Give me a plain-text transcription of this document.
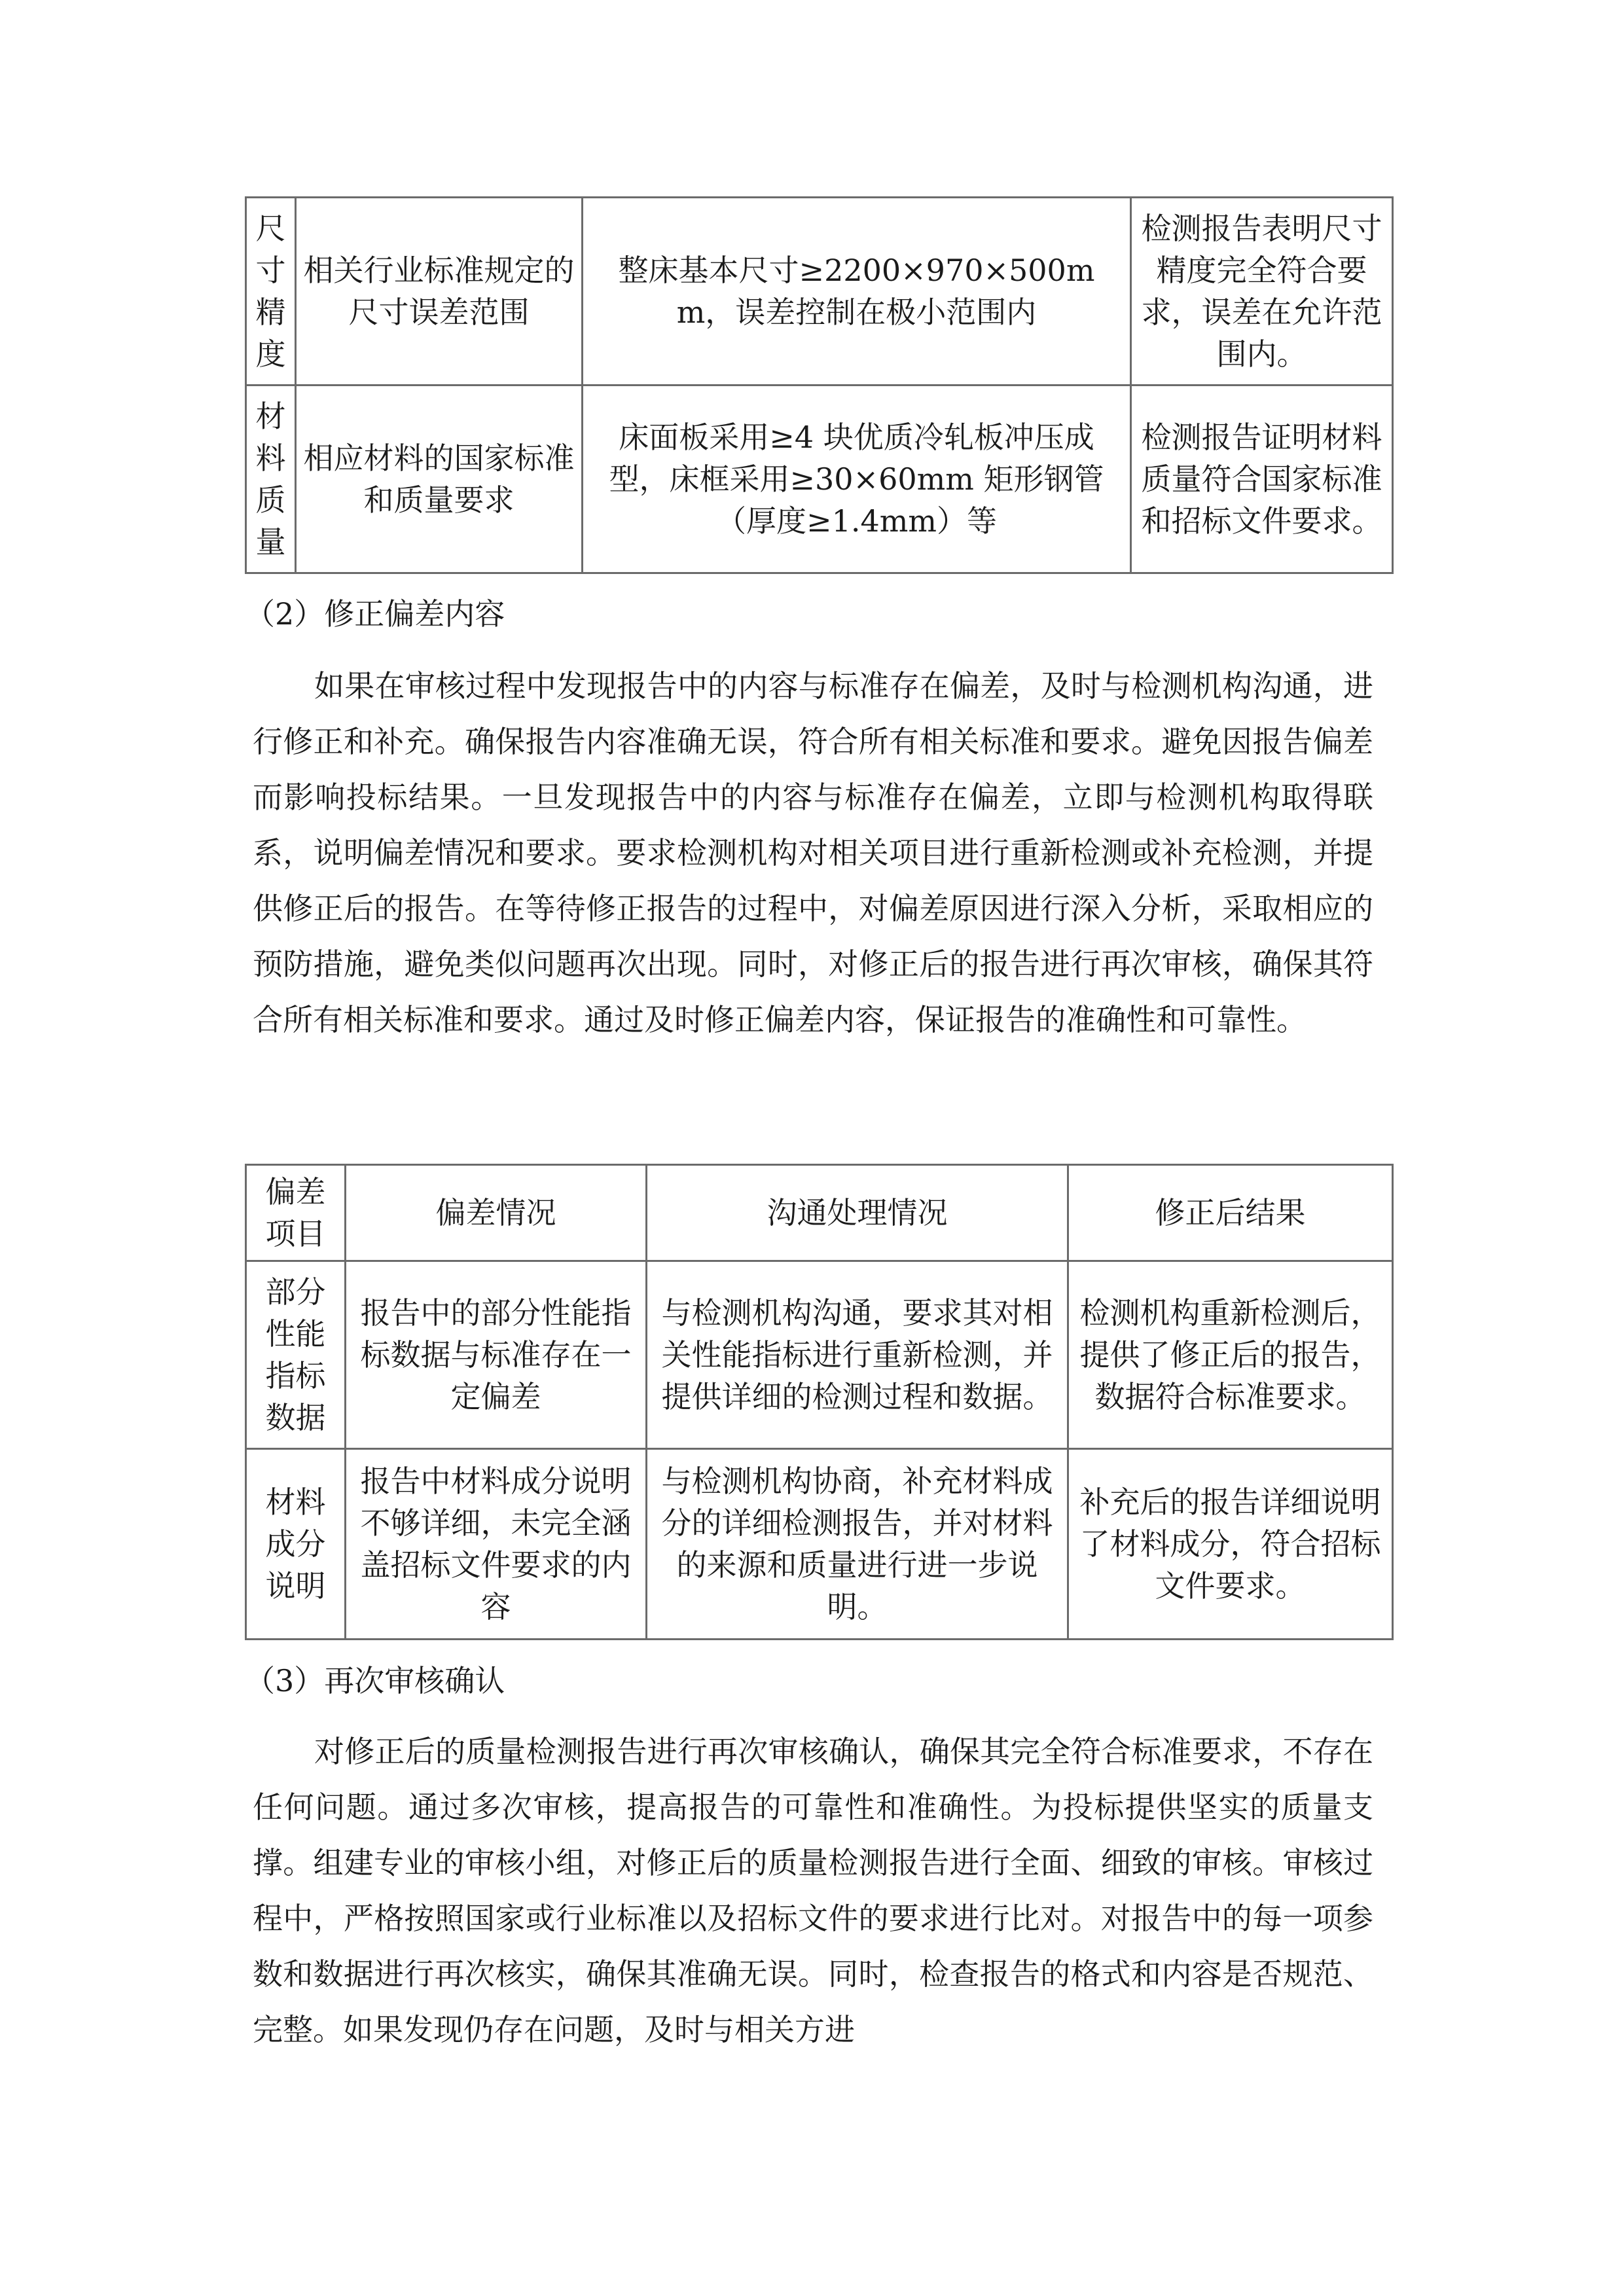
尺寸精度	相关行业标准规定的尺寸误差范围	整床基本尺寸≥2200×970×500mm，误差控制在极小范围内	检测报告表明尺寸精度完全符合要求，误差在允许范围内。
材料质量	相应材料的国家标准和质量要求	床面板采用≥4 块优质冷轧板冲压成型，床框采用≥30×60mm 矩形钢管（厚度≥1.4mm）等	检测报告证明材料质量符合国家标准和招标文件要求。
（2）修正偏差内容
如果在审核过程中发现报告中的内容与标准存在偏差，及时与检测机构沟通，进行修正和补充。确保报告内容准确无误，符合所有相关标准和要求。避免因报告偏差而影响投标结果。一旦发现报告中的内容与标准存在偏差，立即与检测机构取得联系，说明偏差情况和要求。要求检测机构对相关项目进行重新检测或补充检测，并提供修正后的报告。在等待修正报告的过程中，对偏差原因进行深入分析，采取相应的预防措施，避免类似问题再次出现。同时，对修正后的报告进行再次审核，确保其符合所有相关标准和要求。通过及时修正偏差内容，保证报告的准确性和可靠性。
偏差项目	偏差情况	沟通处理情况	修正后结果
部分性能指标数据	报告中的部分性能指标数据与标准存在一定偏差	与检测机构沟通，要求其对相关性能指标进行重新检测，并提供详细的检测过程和数据。	检测机构重新检测后，提供了修正后的报告，数据符合标准要求。
材料成分说明	报告中材料成分说明不够详细，未完全涵盖招标文件要求的内容	与检测机构协商，补充材料成分的详细检测报告，并对材料的来源和质量进行进一步说明。	补充后的报告详细说明了材料成分，符合招标文件要求。
（3）再次审核确认
对修正后的质量检测报告进行再次审核确认，确保其完全符合标准要求，不存在任何问题。通过多次审核，提高报告的可靠性和准确性。为投标提供坚实的质量支撑。组建专业的审核小组，对修正后的质量检测报告进行全面、细致的审核。审核过程中，严格按照国家或行业标准以及招标文件的要求进行比对。对报告中的每一项参数和数据进行再次核实，确保其准确无误。同时，检查报告的格式和内容是否规范、完整。如果发现仍存在问题，及时与相关方进
